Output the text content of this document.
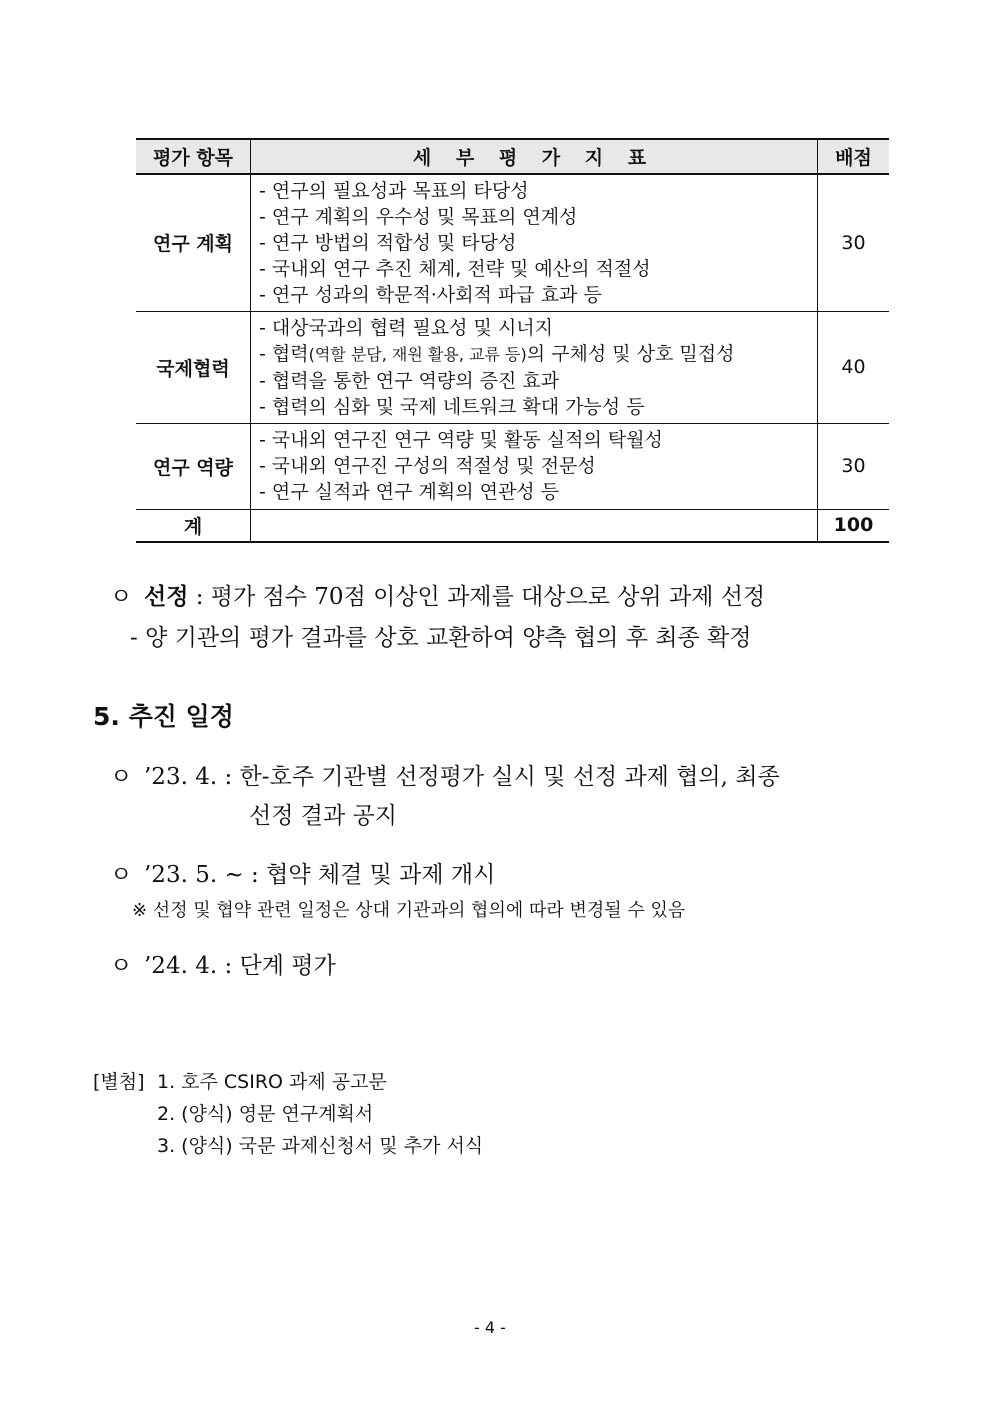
평가 항목	세 부 평 가 지 표	배점
연구 계획	- 연구의 필요성과 목표의 타당성
- 연구 계획의 우수성 및 목표의 연계성
- 연구 방법의 적합성 및 타당성
- 국내외 연구 추진 체계, 전략 및 예산의 적절성
- 연구 성과의 학문적·사회적 파급 효과 등	30
국제협력	- 대상국과의 협력 필요성 및 시너지
- 협력(역할 분담, 재원 활용, 교류 등)의 구체성 및 상호 밀접성
- 협력을 통한 연구 역량의 증진 효과
- 협력의 심화 및 국제 네트워크 확대 가능성 등	40
연구 역량	- 국내외 연구진 연구 역량 및 활동 실적의 탁월성
- 국내외 연구진 구성의 적절성 및 전문성
- 연구 실적과 연구 계획의 연관성 등	30
계		100
ㅇ 선정 : 평가 점수 70점 이상인 과제를 대상으로 상위 과제 선정
- 양 기관의 평가 결과를 상호 교환하여 양측 협의 후 최종 확정
5. 추진 일정
ㅇ ’23. 4. : 한-호주 기관별 선정평가 실시 및 선정 과제 협의, 최종
선정 결과 공지
ㅇ ’23. 5. ~ : 협약 체결 및 과제 개시
※ 선정 및 협약 관련 일정은 상대 기관과의 협의에 따라 변경될 수 있음
ㅇ ’24. 4. : 단계 평가
[별첨] 1. 호주 CSIRO 과제 공고문
2. (양식) 영문 연구계획서
3. (양식) 국문 과제신청서 및 추가 서식
- 4 -
